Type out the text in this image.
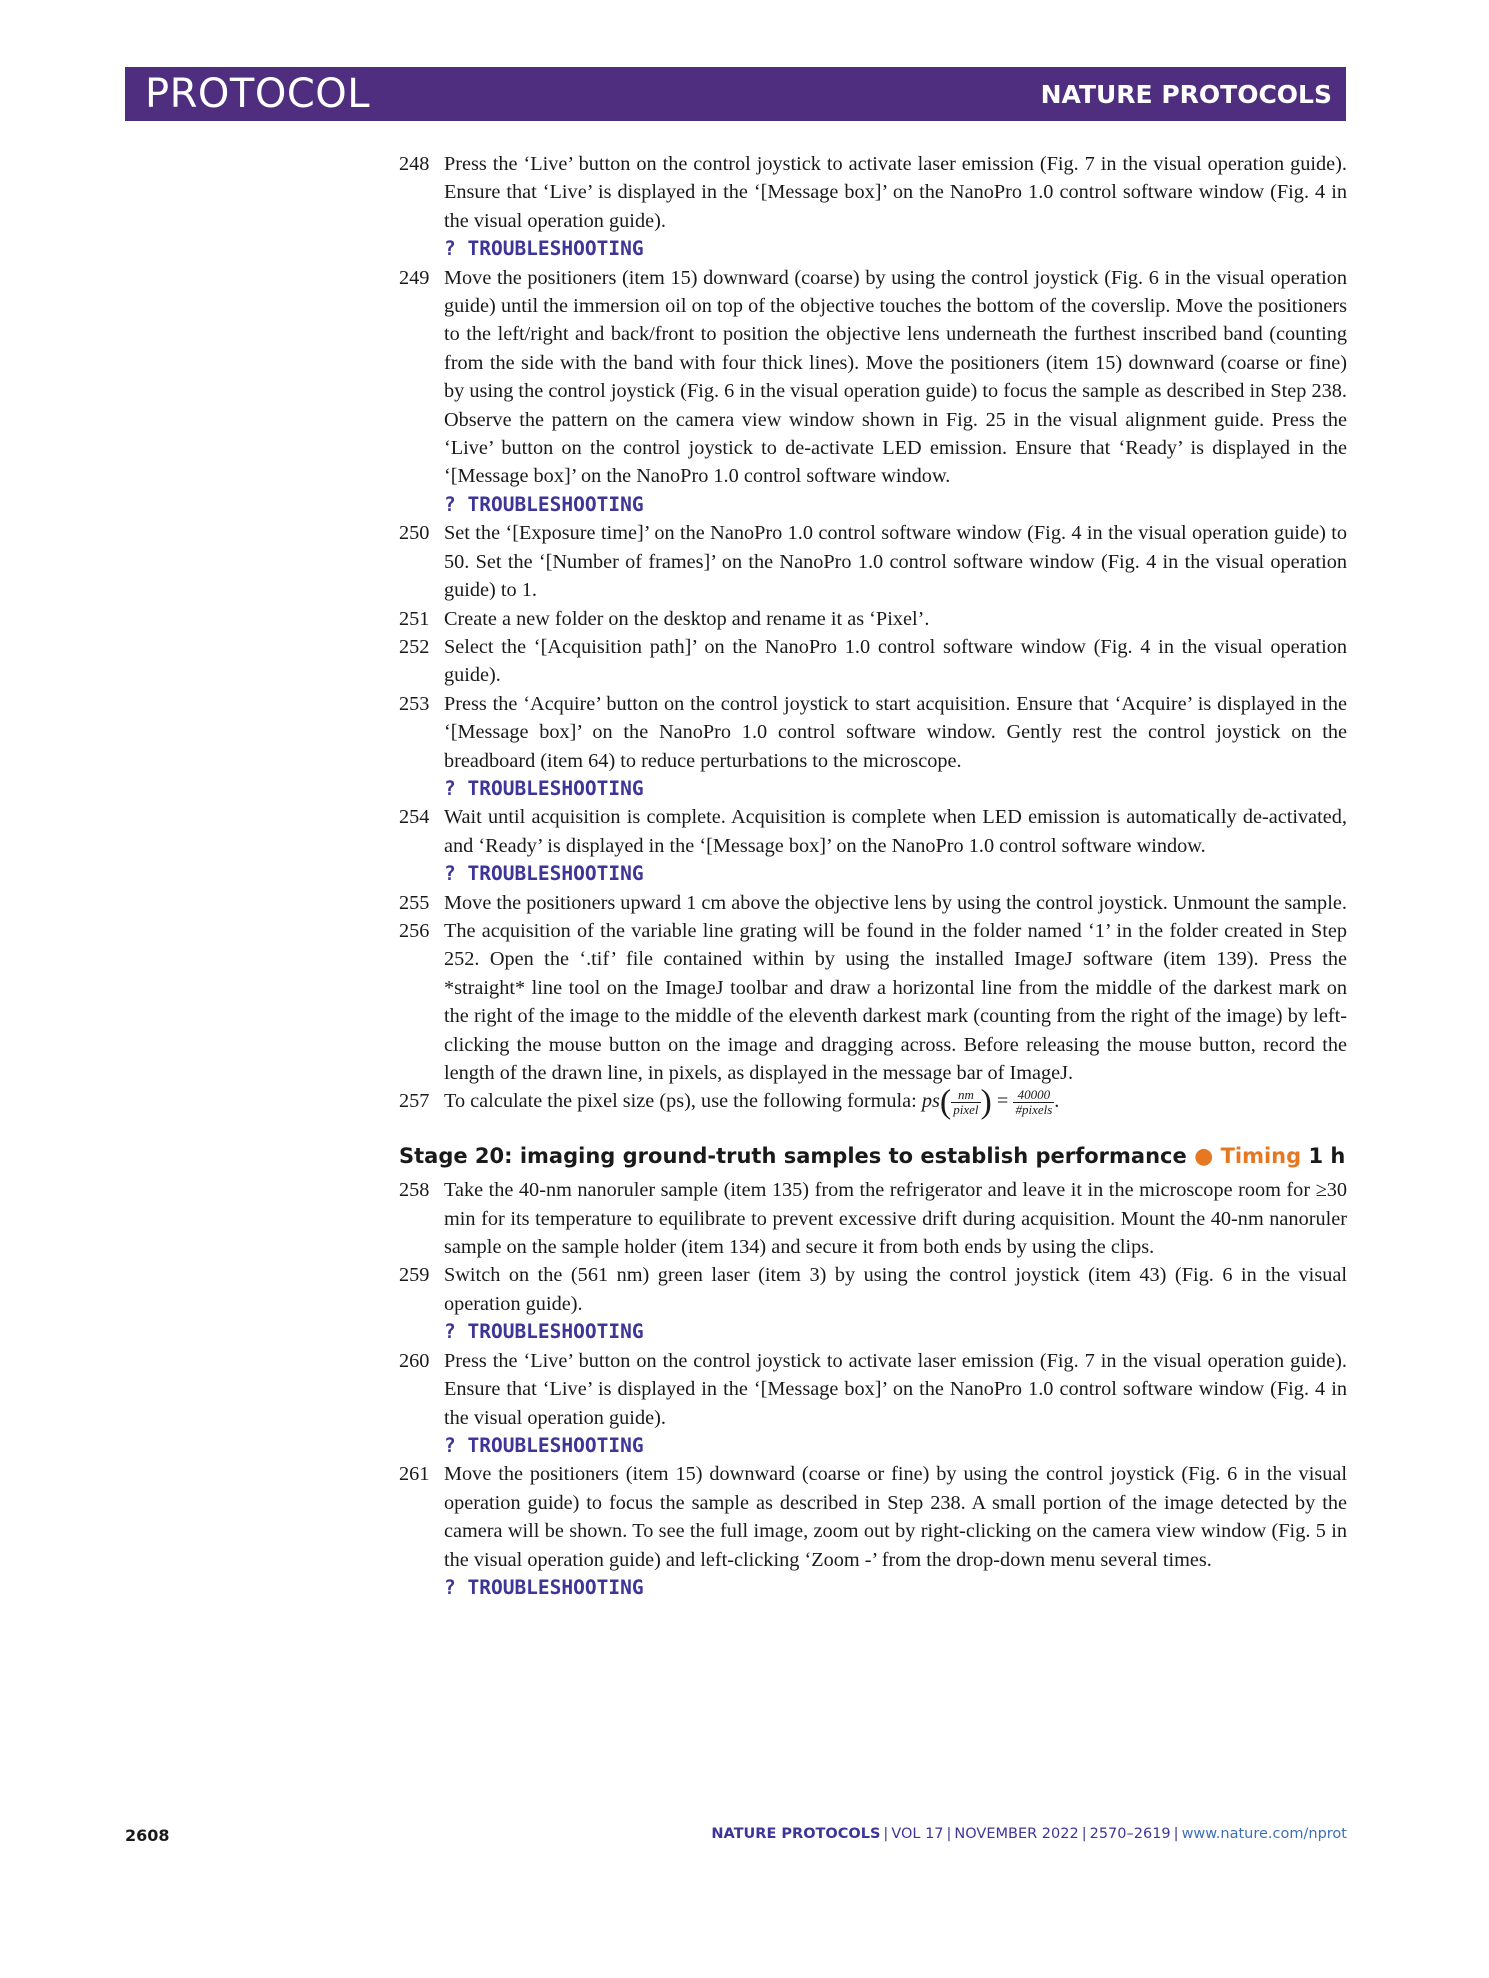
PROTOCOL	NATURE PROTOCOLS
248 Press the ‘Live’ button on the control joystick to activate laser emission (Fig. 7 in the visual operation guide). Ensure that ‘Live’ is displayed in the ‘[Message box]’ on the NanoPro 1.0 control software window (Fig. 4 in the visual operation guide).
? TROUBLESHOOTING
249 Move the positioners (item 15) downward (coarse) by using the control joystick (Fig. 6 in the visual operation guide) until the immersion oil on top of the objective touches the bottom of the coverslip. Move the positioners to the left/right and back/front to position the objective lens underneath the furthest inscribed band (counting from the side with the band with four thick lines). Move the positioners (item 15) downward (coarse or fine) by using the control joystick (Fig. 6 in the visual operation guide) to focus the sample as described in Step 238. Observe the pattern on the camera view window shown in Fig. 25 in the visual alignment guide. Press the ‘Live’ button on the control joystick to de-activate LED emission. Ensure that ‘Ready’ is displayed in the ‘[Message box]’ on the NanoPro 1.0 control software window.
? TROUBLESHOOTING
250 Set the ‘[Exposure time]’ on the NanoPro 1.0 control software window (Fig. 4 in the visual operation guide) to 50. Set the ‘[Number of frames]’ on the NanoPro 1.0 control software window (Fig. 4 in the visual operation guide) to 1.
251 Create a new folder on the desktop and rename it as ‘Pixel’.
252 Select the ‘[Acquisition path]’ on the NanoPro 1.0 control software window (Fig. 4 in the visual operation guide).
253 Press the ‘Acquire’ button on the control joystick to start acquisition. Ensure that ‘Acquire’ is displayed in the ‘[Message box]’ on the NanoPro 1.0 control software window. Gently rest the control joystick on the breadboard (item 64) to reduce perturbations to the microscope.
? TROUBLESHOOTING
254 Wait until acquisition is complete. Acquisition is complete when LED emission is automatically de-activated, and ‘Ready’ is displayed in the ‘[Message box]’ on the NanoPro 1.0 control software window.
? TROUBLESHOOTING
255 Move the positioners upward 1 cm above the objective lens by using the control joystick. Unmount the sample.
256 The acquisition of the variable line grating will be found in the folder named ‘1’ in the folder created in Step 252. Open the ‘.tif’ file contained within by using the installed ImageJ software (item 139). Press the *straight* line tool on the ImageJ toolbar and draw a horizontal line from the middle of the darkest mark on the right of the image to the middle of the eleventh darkest mark (counting from the right of the image) by left-clicking the mouse button on the image and dragging across. Before releasing the mouse button, record the length of the drawn line, in pixels, as displayed in the message bar of ImageJ.
257 To calculate the pixel size (ps), use the following formula: $ps( \frac{nm}{\text{pixel}}$ ) = $\frac{40000}{\text{\#pixels}}$ .
Stage 20: imaging ground-truth samples to establish performance ● Timing 1 h
258 Take the 40-nm nanoruler sample (item 135) from the refrigerator and leave it in the microscope room for ≥30 min for its temperature to equilibrate to prevent excessive drift during acquisition. Mount the 40-nm nanoruler sample on the sample holder (item 134) and secure it from both ends by using the clips.
259 Switch on the (561 nm) green laser (item 3) by using the control joystick (item 43) (Fig. 6 in the visual operation guide).
? TROUBLESHOOTING
260 Press the ‘Live’ button on the control joystick to activate laser emission (Fig. 7 in the visual operation guide). Ensure that ‘Live’ is displayed in the ‘[Message box]’ on the NanoPro 1.0 control software window (Fig. 4 in the visual operation guide).
? TROUBLESHOOTING
261 Move the positioners (item 15) downward (coarse or fine) by using the control joystick (Fig. 6 in the visual operation guide) to focus the sample as described in Step 238. A small portion of the image detected by the camera will be shown. To see the full image, zoom out by right-clicking on the camera view window (Fig. 5 in the visual operation guide) and left-clicking ‘Zoom -’ from the drop-down menu several times.
? TROUBLESHOOTING
2608	NATURE PROTOCOLS | VOL 17 | NOVEMBER 2022 | 2570–2619 | www.nature.com/nprot
